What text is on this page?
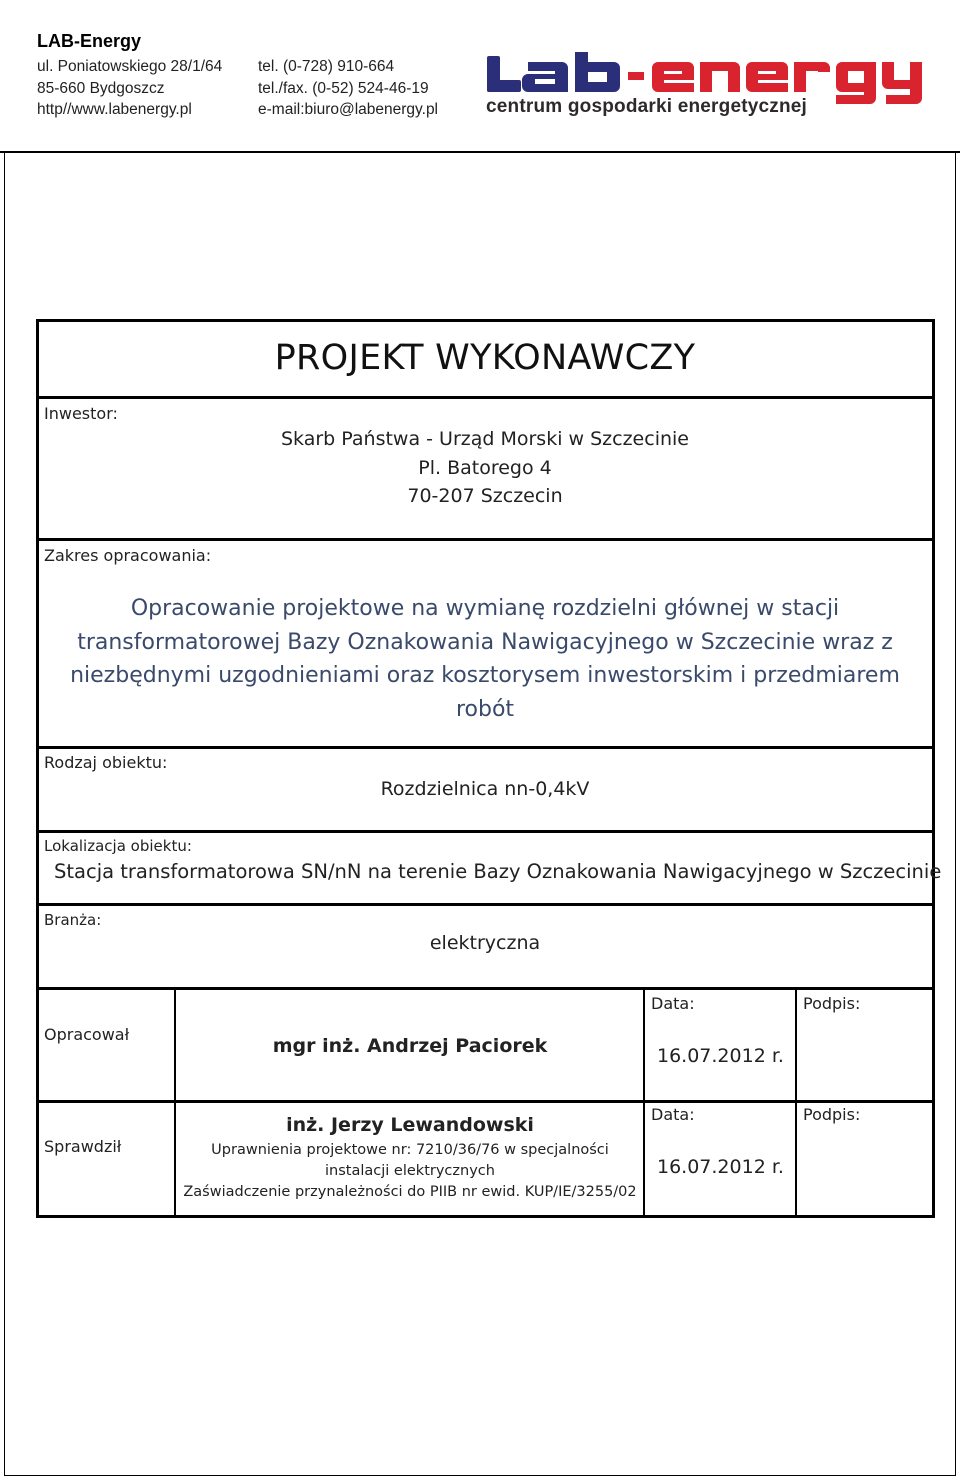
LAB-Energy
ul. Poniatowskiego 28/1/64
85-660 Bydgoszcz
http//www.labenergy.pl
tel. (0-728) 910-664
tel./fax. (0-52) 524-46-19
e-mail:biuro@labenergy.pl	centrum gospodarki energetycznej
PROJEKT WYKONAWCZY
Inwestor:
Skarb Państwa - Urząd Morski w Szczecinie
Pl. Batorego 4
70-207 Szczecin
Zakres opracowania:
Opracowanie projektowe na wymianę rozdzielni głównej w stacji transformatorowej Bazy Oznakowania Nawigacyjnego w Szczecinie wraz z niezbędnymi uzgodnieniami oraz kosztorysem inwestorskim i przedmiarem robót
Rodzaj obiektu:
Rozdzielnica nn-0,4kV
Lokalizacja obiektu:
Stacja transformatorowa SN/nN na terenie Bazy Oznakowania Nawigacyjnego w Szczecinie
Branża:
elektryczna
Opracował
mgr inż. Andrzej Paciorek
Data:
16.07.2012 r.
Podpis:
Sprawdził
inż. Jerzy Lewandowski
Uprawnienia projektowe nr: 7210/36/76 w specjalności
instalacji elektrycznych
Zaświadczenie przynależności do PIIB nr ewid. KUP/IE/3255/02
Data:
16.07.2012 r.
Podpis:
